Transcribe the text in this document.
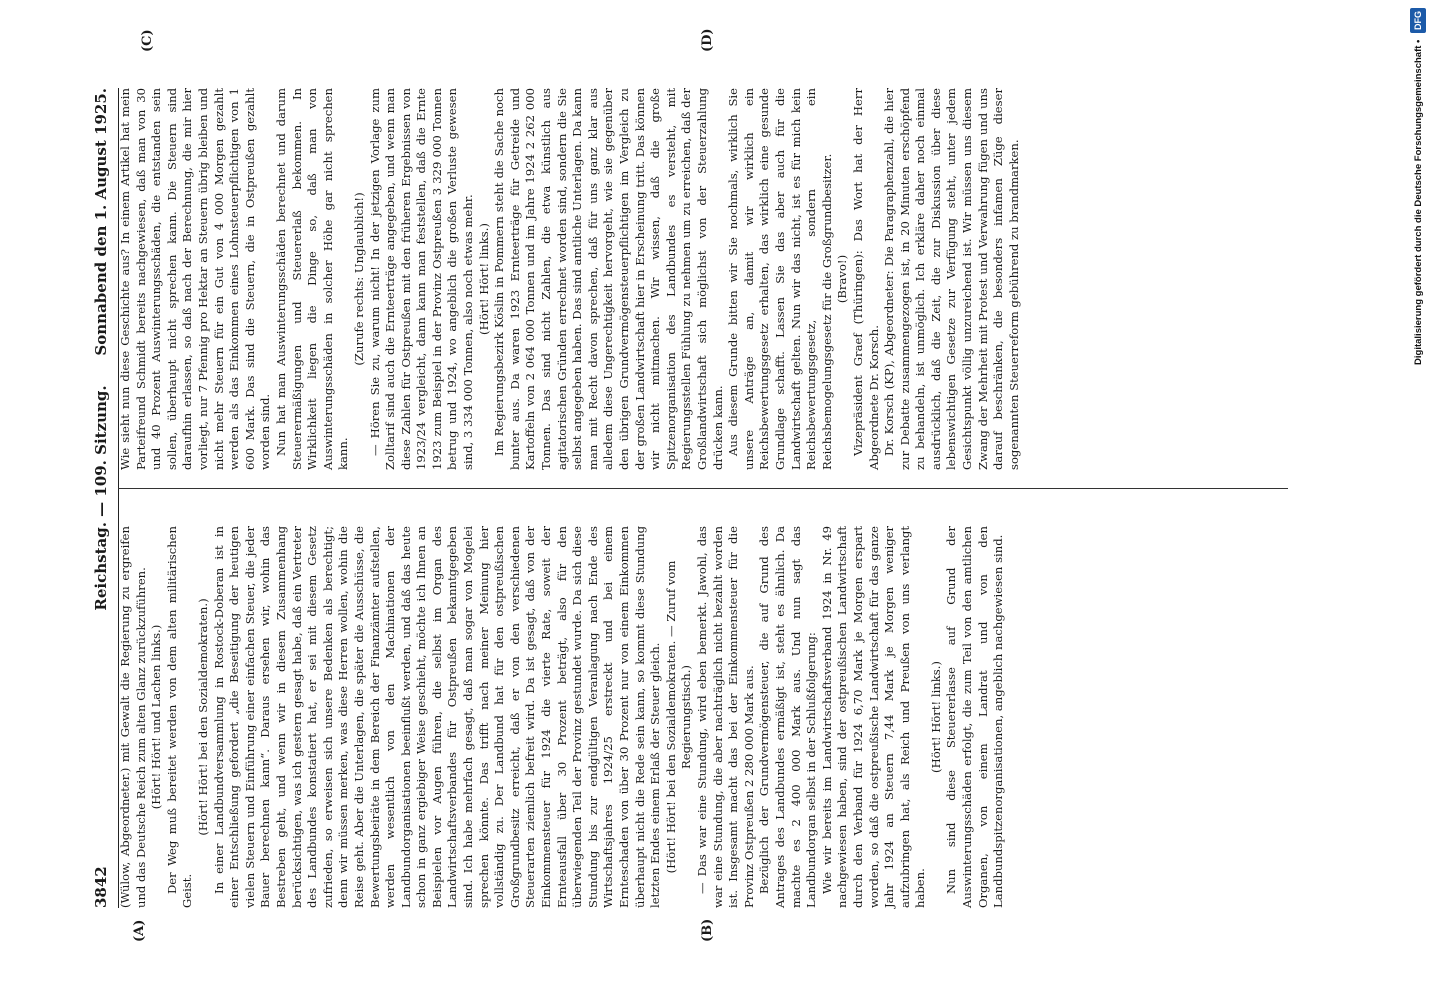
3842
Reichstag. — 109. Sitzung.
Sonnabend den 1. August 1925.
(A)	(B)
(C)	(D)

(Wülow, Abgeordneter.) mit Gewalt die Regierung zu ergreifen und das Deutsche Reich zum alten Glanz zurückzuführen. (Hört! Hört! und Lachen links.) Der Weg muß bereitet werden von dem alten militärischen Geist.

(Hört! Hört! bei den Sozialdemokraten.) In einer Landbundversammlung in Rostock-Doberan ist in einer Entschließung gefordert „die Beseitigung der heutigen vielen Steuern und Einführung einer einfachen Steuer, die jeder Bauer berechnen kann“. Daraus ersehen wir, wohin das Bestreben geht, und wenn wir in diesem Zusammenhang berücksichtigen, was ich gestern gesagt habe, daß ein Vertreter des Landbundes konstatiert hat, er sei mit diesem Gesetz zufrieden, so erweisen sich unsere Bedenken als berechtigt; denn wir müssen merken, was diese Herren wollen, wohin die Reise geht. Aber die Unterlagen, die später die Ausschüsse, die Bewertungsbeiräte in dem Bereich der Finanzämter aufstellen, werden wesentlich von den Machinationen der Landbundorganisationen beeinflußt werden, und daß das heute schon in ganz ergiebiger Weise geschieht, möchte ich Ihnen an Beispielen vor Augen führen, die selbst im Organ des Landwirtschaftsverbandes für Ostpreußen bekanntgegeben sind. Ich habe mehrfach gesagt, daß man sogar von Mogelei sprechen könnte. Das trifft nach meiner Meinung hier vollständig zu. Der Landbund hat für den ostpreußischen Großgrundbesitz erreicht, daß er von den verschiedenen Steuerarten ziemlich befreit wird. Da ist gesagt, daß von der Einkommensteuer für 1924 die vierte Rate, soweit der Ernteausfall über 30 Prozent beträgt, also für den überwiegenden Teil der Provinz gestundet wurde. Da sich diese Stundung bis zur endgültigen Veranlagung nach Ende des Wirtschaftsjahres 1924/25 erstreckt und bei einem Ernteschaden von über 30 Prozent nur von einem Einkommen überhaupt nicht die Rede sein kann, so kommt diese Stundung letzten Endes einem Erlaß der Steuer gleich. (Hört! Hört! bei den Sozialdemokraten. — Zuruf vom Regierungstisch.) — Das war eine Stundung, wird eben bemerkt. Jawohl, das war eine Stundung, die aber nachträglich nicht bezahlt worden ist. Insgesamt macht das bei der Einkommensteuer für die Provinz Ostpreußen 2 280 000 Mark aus. Bezüglich der Grundvermögensteuer, die auf Grund des Antrages des Landbundes ermäßigt ist, steht es ähnlich. Da machte es 2 400 000 Mark aus. Und nun sagt das Landbundorgan selbst in der Schlußfolgerung: Wie wir bereits im Landwirtschaftsverband 1924 in Nr. 49 nachgewiesen haben, sind der ostpreußischen Landwirtschaft durch den Verband für 1924 6,70 Mark je Morgen erspart worden, so daß die ostpreußische Landwirtschaft für das ganze Jahr 1924 an Steuern 7,44 Mark je Morgen weniger aufzubringen hat, als Reich und Preußen von uns verlangt haben.

(Hört! Hört! links.) Nun sind diese Steuererlasse auf Grund der Auswinterungsschäden erfolgt, die zum Teil von den amtlichen Organen, von einem Landrat und von den Landbundspitzenorganisationen, angeblich nachgewiesen sind.

Wie sieht nun diese Geschichte aus? In einem Artikel hat mein Parteifreund Schmidt bereits nachgewiesen, daß man von 30 und 40 Prozent Auswinterungsschäden, die entstanden sein sollen, überhaupt nicht sprechen kann. Die Steuern sind daraufhin erlassen, so daß nach der Berechnung, die mir hier vorliegt, nur 7 Pfennig pro Hektar an Steuern übrig bleiben und nicht mehr Steuern für ein Gut von 4 000 Morgen gezahlt werden als das Einkommen eines Lohnsteuerpflichtigen von 1 600 Mark. Das sind die Steuern, die in Ostpreußen gezahlt worden sind. Nun hat man Auswinterungsschäden berechnet und darum Steuerermäßigungen und Steuererlaß bekommen. In Wirklichkeit liegen die Dinge so, daß man von Auswinterungsschäden in solcher Höhe gar nicht sprechen kann.

(Zurufe rechts: Unglaublich!) — Hören Sie zu, warum nicht! In der jetzigen Vorlage zum Zolltarif sind auch die Ernteerträge angegeben, und wenn man diese Zahlen für Ostpreußen mit den früheren Ergebnissen von 1923/24 vergleicht, dann kann man feststellen, daß die Ernte 1923 zum Beispiel in der Provinz Ostpreußen 3 329 000 Tonnen betrug und 1924, wo angeblich die großen Verluste gewesen sind, 3 334 000 Tonnen, also noch etwas mehr. (Hört! Hört! links.) Im Regierungsbezirk Köslin in Pommern steht die Sache noch bunter aus. Da waren 1923 Ernteerträge für Getreide und Kartoffeln von 2 064 000 Tonnen und im Jahre 1924 2 262 000 Tonnen. Das sind nicht Zahlen, die etwa künstlich aus agitatorischen Gründen errechnet worden sind, sondern die Sie selbst angegeben haben. Das sind amtliche Unterlagen. Da kann man mit Recht davon sprechen, daß für uns ganz klar aus alledem diese Ungerechtigkeit hervorgeht, wie sie gegenüber den übrigen Grundvermögensteuerpflichtigen im Vergleich zu der großen Landwirtschaft hier in Erscheinung tritt. Das können wir nicht mitmachen. Wir wissen, daß die große Spitzenorganisation des Landbundes es versteht, mit Regierungsstellen Fühlung zu nehmen um zu erreichen, daß der Großlandwirtschaft sich möglichst von der Steuerzahlung drücken kann. Aus diesem Grunde bitten wir Sie nochmals, wirklich Sie unsere Anträge an, damit wir wirklich ein Reichsbewertungsgesetz erhalten, das wirklich eine gesunde Grundlage schafft. Lassen Sie das aber auch für die Landwirtschaft gelten. Nun wir das nicht, ist es für mich kein Reichsbewertungsgesetz, sondern ein Reichsbemogelungsgesetz für die Großgrundbesitzer. (Bravo!) Vizepräsident Graef (Thüringen): Das Wort hat der Herr Abgeordnete Dr. Korsch. Dr. Korsch (KP), Abgeordneter: Die Paragraphenzahl, die hier zur Debatte zusammengezogen ist, in 20 Minuten erschöpfend zu behandeln, ist unmöglich. Ich erkläre daher noch einmal ausdrücklich, daß die Zeit, die zur Diskussion über diese lebenswichtigen Gesetze zur Verfügung steht, unter jedem Gesichtspunkt völlig unzureichend ist. Wir müssen uns diesem Zwang der Mehrheit mit Protest und Verwahrung fügen und uns darauf beschränken, die besonders infamen Züge dieser sogenannten Steuerreform gebührend zu brandmarken.	Digitalisierung gefördert durch die Deutsche Forschungsgemeinschaft • DFG
